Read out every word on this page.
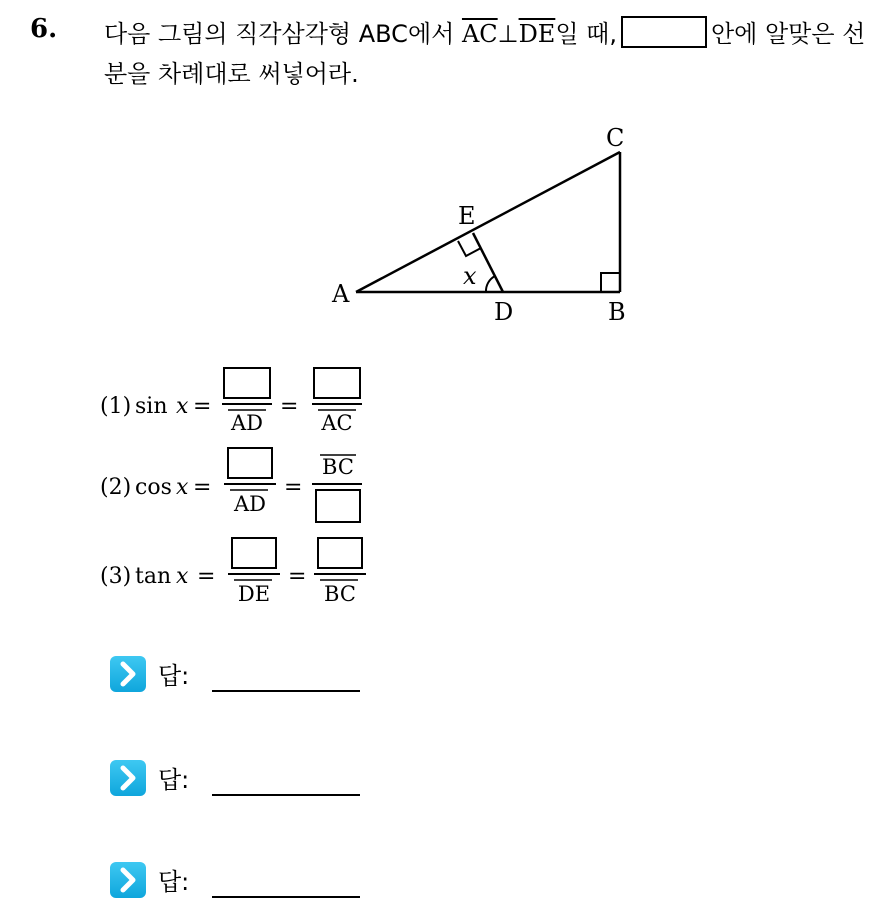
6. 다음 그림의 직각삼각형 ABC에서 $\overline{AC}\perp\overline{DE}$일 때,	안에 알맞은 선분을 차례대로 써넣어라.
A
B
C
D
E
x
(1) sin x =
AD
=
AC
(2) cos x =
AD
=
BC
(3) tan x =
DE
=
BC
답:
답:
답:
